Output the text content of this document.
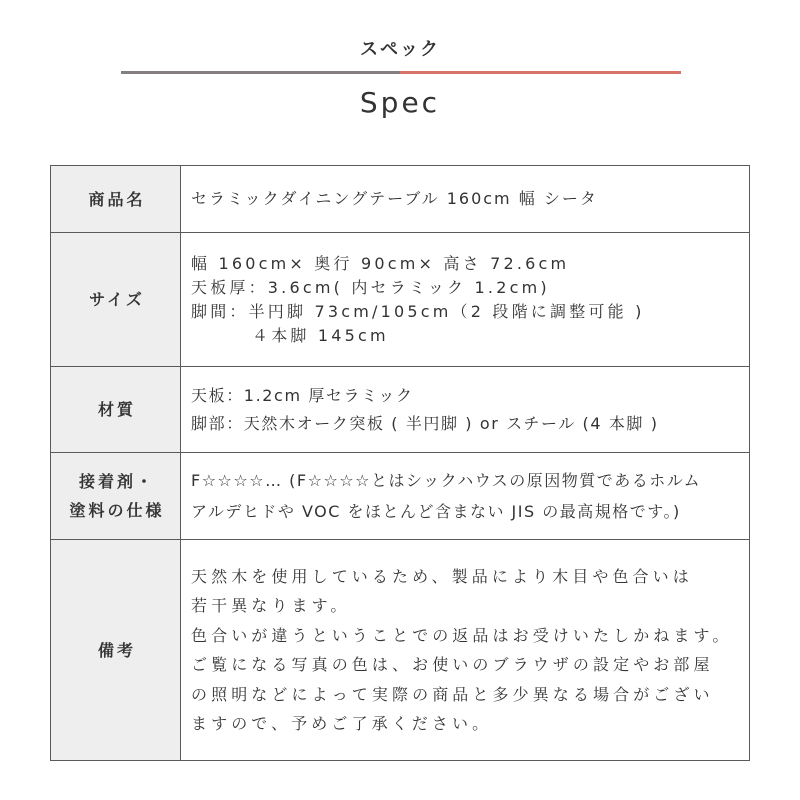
スペック
Spec
商品名	セラミックダイニングテーブル 160cm 幅 シータ
サイズ
幅 160cm× 奥行 90cm× 高さ 72.6cm
天板厚：3.6cm( 内セラミック 1.2cm)
脚間：半円脚 73cm/105cm（2 段階に調整可能 )
４本脚 145cm
材質
天板：1.2cm 厚セラミック
脚部：天然木オーク突板 ( 半円脚 ) or スチール (4 本脚 )
接着剤・
塗料の仕様
F☆☆☆☆… (F☆☆☆☆とはシックハウスの原因物質であるホルム
アルデヒドや VOC をほとんど含まない JIS の最高規格です。)
備考
天然木を使用しているため、製品により木目や色合いは
若干異なります。
色合いが違うということでの返品はお受けいたしかねます。
ご覧になる写真の色は、お使いのブラウザの設定やお部屋
の照明などによって実際の商品と多少異なる場合がござい
ますので、予めご了承ください。
